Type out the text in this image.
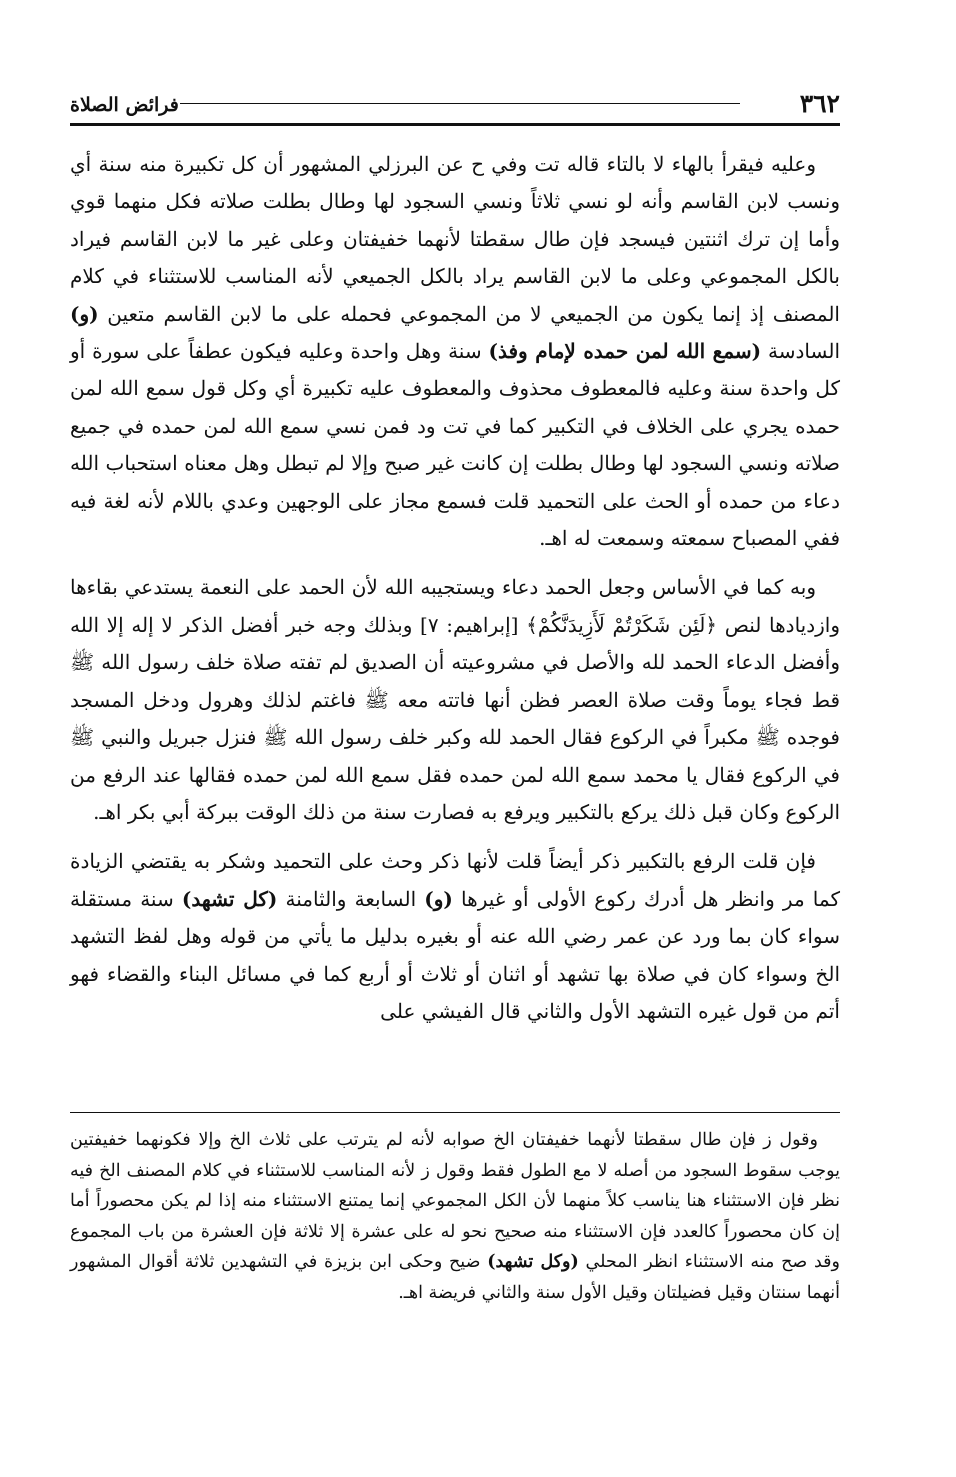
٣٦٢
فرائض الصلاة

وعليه فيقرأ بالهاء لا بالتاء قاله تت وفي ح عن البرزلي المشهور أن كل تكبيرة منه سنة أي ونسب لابن القاسم وأنه لو نسي ثلاثاً ونسي السجود لها وطال بطلت صلاته فكل منهما قوي وأما إن ترك اثنتين فيسجد فإن طال سقطتا لأنهما خفيفتان وعلى غير ما لابن القاسم فيراد بالكل المجموعي وعلى ما لابن القاسم يراد بالكل الجميعي لأنه المناسب للاستثناء في كلام المصنف إذ إنما يكون من الجميعي لا من المجموعي فحمله على ما لابن القاسم متعين (و) السادسة (سمع الله لمن حمده لإمام وفذ) سنة وهل واحدة وعليه فيكون عطفاً على سورة أو كل واحدة سنة وعليه فالمعطوف محذوف والمعطوف عليه تكبيرة أي وكل قول سمع الله لمن حمده يجري على الخلاف في التكبير كما في تت ود فمن نسي سمع الله لمن حمده في جميع صلاته ونسي السجود لها وطال بطلت إن كانت غير صبح وإلا لم تبطل وهل معناه استحباب الله دعاء من حمده أو الحث على التحميد قلت فسمع مجاز على الوجهين وعدي باللام لأنه لغة فيه ففي المصباح سمعته وسمعت له اهـ.

وبه كما في الأساس وجعل الحمد دعاء ويستجيبه الله لأن الحمد على النعمة يستدعي بقاءها وازديادها لنص ﴿لَئِن شَكَرْتُمْ لَأَزِيدَنَّكُمْ﴾ [إبراهيم: ٧] وبذلك وجه خبر أفضل الذكر لا إله إلا الله وأفضل الدعاء الحمد لله والأصل في مشروعيته أن الصديق لم تفته صلاة خلف رسول الله ﷺ قط فجاء يوماً وقت صلاة العصر فظن أنها فاتته معه ﷺ فاغتم لذلك وهرول ودخل المسجد فوجده ﷺ مكبراً في الركوع فقال الحمد لله وكبر خلف رسول الله ﷺ فنزل جبريل والنبي ﷺ في الركوع فقال يا محمد سمع الله لمن حمده فقل سمع الله لمن حمده فقالها عند الرفع من الركوع وكان قبل ذلك يركع بالتكبير ويرفع به فصارت سنة من ذلك الوقت ببركة أبي بكر اهـ.

فإن قلت الرفع بالتكبير ذكر أيضاً قلت لأنها ذكر وحث على التحميد وشكر به يقتضي الزيادة كما مر وانظر هل أدرك ركوع الأولى أو غيرها (و) السابعة والثامنة (كل تشهد) سنة مستقلة سواء كان بما ورد عن عمر رضي الله عنه أو بغيره بدليل ما يأتي من قوله وهل لفظ التشهد الخ وسواء كان في صلاة بها تشهد أو اثنان أو ثلاث أو أربع كما في مسائل البناء والقضاء فهو أتم من قول غيره التشهد الأول والثاني قال الفيشي على

وقول ز فإن طال سقطتا لأنهما خفيفتان الخ صوابه لأنه لم يترتب على ثلاث الخ وإلا فكونهما خفيفتين يوجب سقوط السجود من أصله لا مع الطول فقط وقول ز لأنه المناسب للاستثناء في كلام المصنف الخ فيه نظر فإن الاستثناء هنا يناسب كلاً منهما لأن الكل المجموعي إنما يمتنع الاستثناء منه إذا لم يكن محصوراً أما إن كان محصوراً كالعدد فإن الاستثناء منه صحيح نحو له على عشرة إلا ثلاثة فإن العشرة من باب المجموع وقد صح منه الاستثناء انظر المحلي (وكل تشهد) ضيح وحكى ابن بزيزة في التشهدين ثلاثة أقوال المشهور أنهما سنتان وقيل فضيلتان وقيل الأول سنة والثاني فريضة اهـ.
